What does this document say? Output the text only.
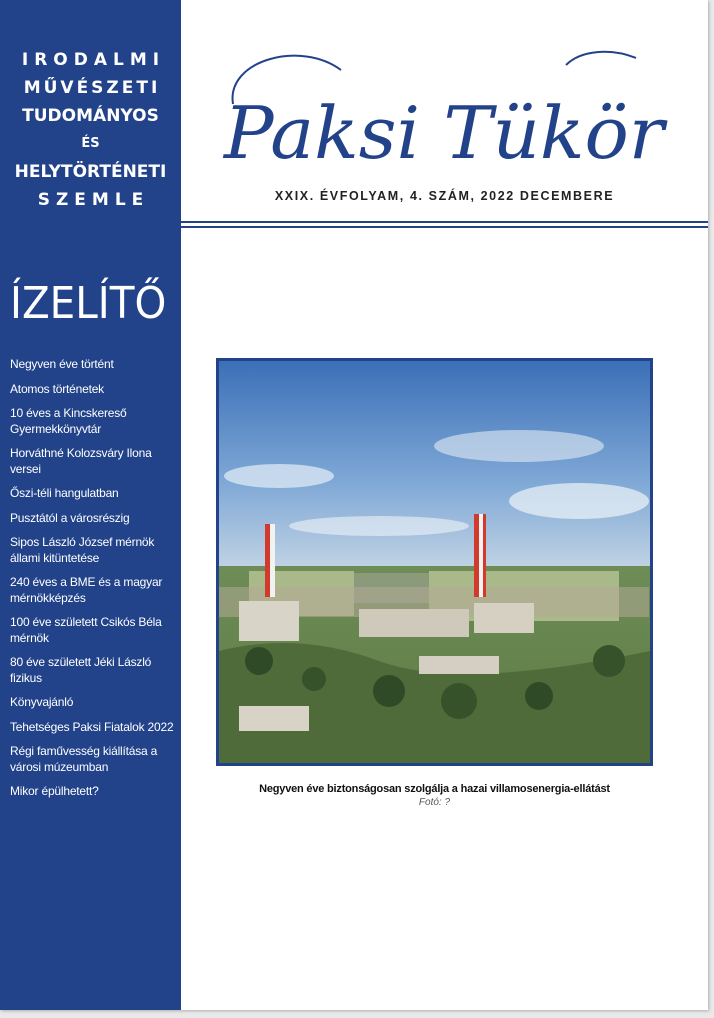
IRODALMI
MŰVÉSZETI
TUDOMÁNYOS
ÉS
HELYTÖRTÉNETI
SZEMLE
ÍZELÍTŐ
Negyven éve történt
Atomos történetek
10 éves a Kincskereső Gyermekkönyvtár
Horváthné Kolozsváry Ilona versei
Őszi-téli hangulatban
Pusztától a városrészig
Sipos László József mérnök állami kitüntetése
240 éves a BME és a magyar mérnökképzés
100 éve született Csikós Béla mérnök
80 éve született Jéki László fizikus
Könyvajánló
Tehetséges Paksi Fiatalok 2022
Régi faművesség kiállítása a városi múzeumban
Mikor épülhetett?
Paksi Tükör
XXIX. ÉVFOLYAM, 4. SZÁM, 2022 DECEMBERE
Negyven éve biztonságosan szolgálja a hazai villamosenergia-ellátást
Fotó: ?
